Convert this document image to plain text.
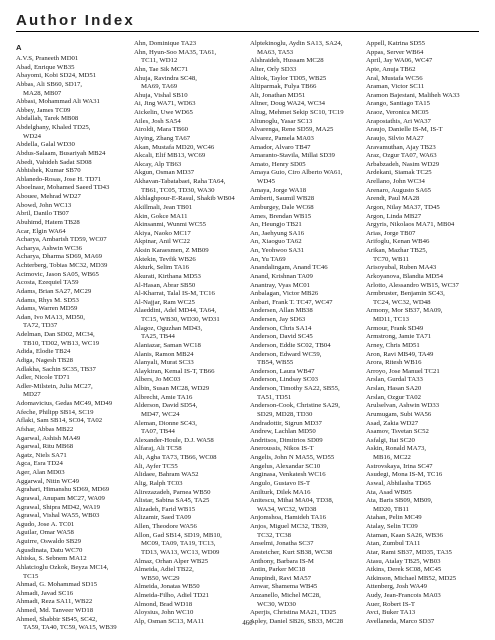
Author Index
A
A.V.S, Praneeth MD01
Abad, Enrique WB35
Abayomi, Kobi SD24, MD51
Abbas, Ali SB60, SD17,
MA28, MB07
Abbasi, Mohammad Ali WA31
Abbey, James TC09
Abdallah, Tarek MB08
Abdelghany, Khaled TD25,
WD24
Abdella, Galal WD30
Abdus-Salaam, Busariyah MB24
Abedi, Vahideh Sadat SD08
Abhishek, Kumar SB70
Ablanedo-Rosas, Jose H. TD71
Aboelnasr, Mohamed Saeed TD43
Abouee, Mehrad WD27
Abowd, John WC13
Abril, Danilo TB07
Abuhimd, Hatem TB28
Acar, Elgin WA64
Acharya, Ambarish TD59, WC07
Acharya, Ashwin WC36
Acharya, Dharma SD69, MA69
Achterberg, Tobias MC32, MD39
Acimovic, Jason SA05, WB65
Acosta, Ezequiel TA59
Adams, Brian SA27, MC29
Adams, Rhys M. SD53
Adams, Warren MD59
Adan, Ivo MA13, MD50,
TA72, TD37
Adelman, Dan SD02, MC34,
TB10, TD02, WB13, WC19
Adida, Elodie TB24
Adiga, Nagesh TB28
Adlakha, Sachin SC35, TB37
Adler, Nicole TD71
Adler-Milstein, Julia MC27,
MD27
Adomavicius, Gedas MC49, MD49
Afeche, Philipp SB14, SC19
Aflaki, Sam SB14, SC04, TA02
Afshar, Abbas MB22
Agarwal, Ashish MA49
Agarwal, Ritu MB68
Agatz, Niels SA71
Agca, Esra TD24
Ager, Alan MD03
Aggarwal, Nitin WC49
Agrahari, Himanshu SD69, MD69
Agrawal, Anupam MC27, WA09
Agrawal, Shipra MD42, WA19
Agrawal, Vishal WA55, WB03
Agudo, Jose A. TC01
Aguilar, Omar WA58
Aguirre, Oswaldo SB29
Agusdinata, Datu WC70
Ahiska, S. Sebnem MA12
Ahlatcioglu Ozkok, Beyza MC14,
TC15
Ahmad, G. Mohammad SD15
Ahmadi, Javad SC16
Ahmadi, Reza SA11, WB22
Ahmed, Md. Tanveer WD18
Ahmed, Shabbir SB45, SC42,
TA59, TA40, TC59, WA15, WB39
Ahn, Dominique TA23
Ahn, Hyun-Soo MA35, TA61,
TC11, WD12
Ahn, Tae Sik MC71
Ahuja, Ravindra SC48,
MA69, TA69
Ahuja, Vishal SB10
Ai, Jing WA71, WD63
Aickelin, Uwe WD65
Ailes, Josh SA54
Airoldi, Mara TB60
Aiying, Zhang TA67
Akan, Mustafa MD20, WC46
Akcali, Elif MB13, WC69
Akcay, Alp TB63
Akgun, Osman MD37
Akhavan-Tabatabaei, Raha TA64,
TB61, TC05, TD30, WA30
Akhlaghpour-E-Rasul, Shakib WB04
Akillmali, Jean TB01
Akin, Gokce MA11
Akinsanmi, Wunmi WC55
Akiya, Naoko MC17
Akpinar, Anil WC22
Aksin Karaesmen, Z MB09
Aktekin, Tevfik WB26
Akturk, Selim TA16
Akurati, Kirthana MD53
Al-Hasan, Abrar SB50
Al-Kharrat, Talal IS-M, TC16
Al-Najjar, Ram WC25
Alaeddini, Adel MD44, TA64,
TC15, WB30, WD30, WD31
Alagoz, Oguzhan MD43,
TA25, TB44
Alaniazar, Saman WC18
Alanis, Ramon MB24
Alanyali, Murat SC33
Alaykiran, Kemal IS-T, TB66
Albers, Jo MC03
Albin, Susan MC28, WD29
Albrecht, Amie TA16
Alderson, David SD54,
MD47, WC24
Aleman, Dionne SC43,
TA07, TB44
Alexander-Houle, D.J. WA58
Alfaraj, Ali TC58
Ali, Agha TA73, TB66, WC08
Ali, Ayfer TC55
Alidaee, Bahram WA52
Alig, Ralph TC03
Alirezazadeh, Parnea WB50
Alistar, Sabina SA45, TA25
Alizadeh, Farid WB15
Alizamir, Saed TA09
Allen, Theodore WA56
Allon, Gad SB14, SD19, MB10,
MC09, TA09, TA19, TC13,
TD13, WA13, WC13, WD09
Almaz, Orhan Alper WB25
Almeida, Adiel TB22,
WB50, WC29
Almeida, Jonatas WB50
Almeida-Filho, Adiel TD21
Almond, Brad WD18
Aloysius, John WC10
Alp, Osman SC13, MA11
Alptekinoglu, Aydin SA13, SA24,
MA63, TA53
Alshraideh, Hussam MC28
Alter, Orly SD33
Altiok, Taylor TD05, WB25
Altiparmak, Fulya TB66
Alt, Jonathan MD51
Altner, Doug WA24, WC34
Altug, Mehmet Sekip SC10, TC19
Altunoglu, Yasar SC13
Alvarenga, Rene SD59, MA25
Alvarez, Pamela MA03
Amador, Alvaro TB47
Amaranto-Stavila, Millai SD39
Amato, Henry SD05
Amaya Guio, Ciro Alberto WA61,
WD45
Amaya, Jorge WA18
Amberti, Saumil WB28
Amburgey, Dale WC68
Ames, Brendan WB15
An, Heungjo TB21
An, Jaehyung SA16
An, Xiaoguo TA62
An, Yeohwoo SA31
An, Yu TA69
Anandalingam, Anand TC46
Anand, Krishnan TA09
Anantray, Vyas MC01
Anbalagan, Victor MB26
Anbari, Frank T. TC47, WC47
Andersen, Allan MB38
Andersen, Jay SD63
Anderson, Chris SA14
Anderson, David SC45
Anderson, Eddie SC02, TB04
Anderson, Edward WC59,
TB54, WB55
Anderson, Laura WB47
Anderson, Lindsay SC03
Anderson, Timothy SA22, SB55,
TA51, TD51
Anderson-Cook, Christine SA29,
SD29, MD28, TD30
Andradottir, Sigrun MD37
Andrew, Lachlan MD50
Andritsos, Dimitrios SD09
Aneroussis, Nikos IS-T
Angelis, John N MA55, WD55
Angelus, Alexandar SC10
Anginasa, Venkatesh WC16
Angulo, Gustavo IS-T
Anilturk, Dilek MA16
Anitescu, Mihai MA04, TD38,
WA34, WC32, WD38
Anjomshoa, Hamideh TA16
Anjos, Miguel MC32, TB39,
TC32, TC38
Anselmi, Jonatha SC37
Ansteicher, Kurt SB38, WC38
Anthony, Barbara IS-M
Antin, Parker MC18
Anupindi, Ravi MA57
Anwar, Shamema WB45
Anzanello, Michel MC28,
WC30, WD30
Aperjis, Christina MA21, TD25
Apley, Daniel SB26, SB33, MC28
Appell, Katrina SD55
Appas, Server WB64
April, Jay WA06, WC47
Apte, Anuja TB62
Aral, Mustafa WC56
Araman, Victor SC11
Aramon Bajestani, Maliheh WA33
Arango, Santiago TA15
Araoz, Veronica MC05
Arapostathis, Ari WA37
Araujo, Danielle IS-M, IS-T
Araujo, Silvio MA27
Aravamuthan, Ajay TB23
Araz, Ozgur TA07, WA63
Arbabzadeh, Nasim WD29
Ardekani, Siamak TC25
Arellano, John WC34
Arenaro, Augusto SA65
Arendt, Paul MA28
Argon, Nilay MA37, TD45
Argon, Linda MB27
Argyris, Nikolaos MA71, MB04
Arias, Jorge TB07
Arifoglu, Kenan WB46
Arikan, Mazhar TB25,
TC70, WB11
Arisoyubal, Ruben MA43
Arkoyanova, Blandia MD54
Arlotto, Alessandro WB15, WC37
Armbruster, Benjamin SC43,
TC24, WC32, WD48
Armony, Mor SB37, MA09,
MD11, TC13
Armour, Frank SD49
Armstrong, Jamie TA71
Arney, Chris MD51
Aron, Ravi MB49, TA49
Arora, Ritesh WB16
Arroyo, Jose Manuel TC21
Arslan, Gurdal TA33
Arslan, Hasan SA20
Arslan, Ozgur TA02
Arulselvan, Ashwin WD33
Arumugam, Subi WA56
Asad, Zakia WD27
Asamov, Tsvetan SC52
Asfalgi, Itai SC20
Askin, Ronald MA73,
MB16, MC22
Astrovskaya, Irina SC47
Asudegi, Mona IS-M, TC16
Aswal, Abhilasha TD65
Ata, Asad WB05
Ata, Baris SB09, MB09,
MD20, TB11
Atahan, Pelin MC49
Atalay, Selin TC09
Ataman, Kaan SA26, WB36
Atan, Zumbul TA11
Atar, Rami SB37, MD35, TA35
Atasu, Atalay TB25, WB03
Atkins, Derek SC08, MC45
Atkinson, Michael MB52, MD25
Attenberg, Josh WA49
Audy, Jean-Francois MA03
Auer, Robert IS-T
Avci, Buker TA13
Avellaneda, Marco SD37
460
